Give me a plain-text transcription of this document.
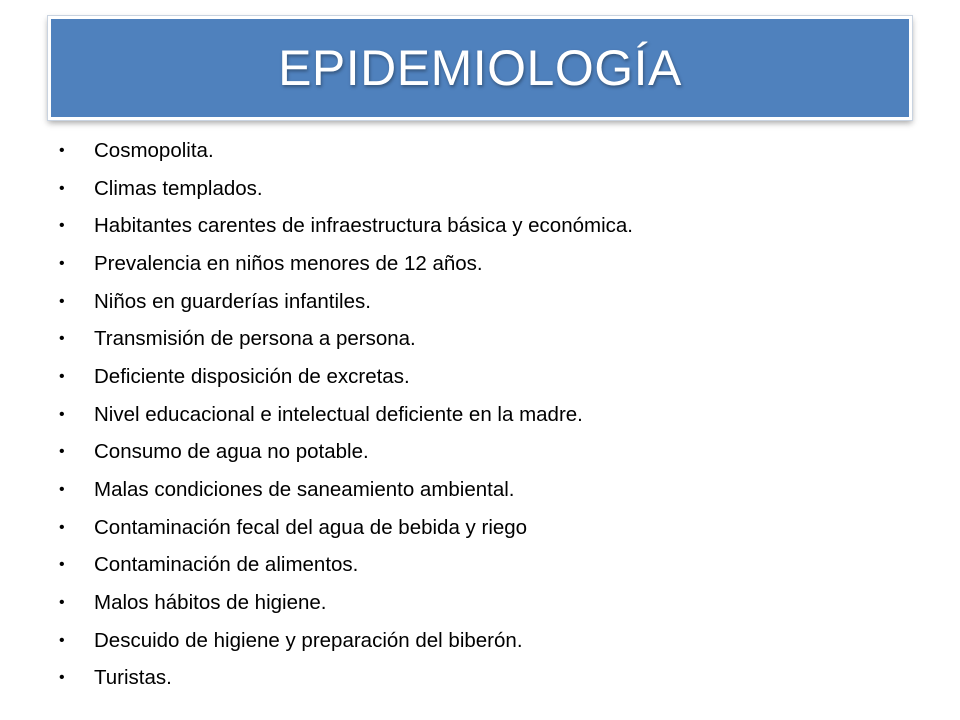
EPIDEMIOLOGÍA
•	Cosmopolita.
•	Climas templados.
•	Habitantes carentes de infraestructura básica y económica.
•	Prevalencia en niños menores de 12 años.
•	Niños en guarderías infantiles.
•	Transmisión de persona a persona.
•	Deficiente disposición de excretas.
•	Nivel educacional e intelectual deficiente en la madre.
•	Consumo de agua no potable.
•	Malas condiciones de saneamiento ambiental.
•	Contaminación fecal del agua de bebida y riego
•	Contaminación de alimentos.
•	Malos hábitos de higiene.
•	Descuido de higiene y preparación del biberón.
•	Turistas.
